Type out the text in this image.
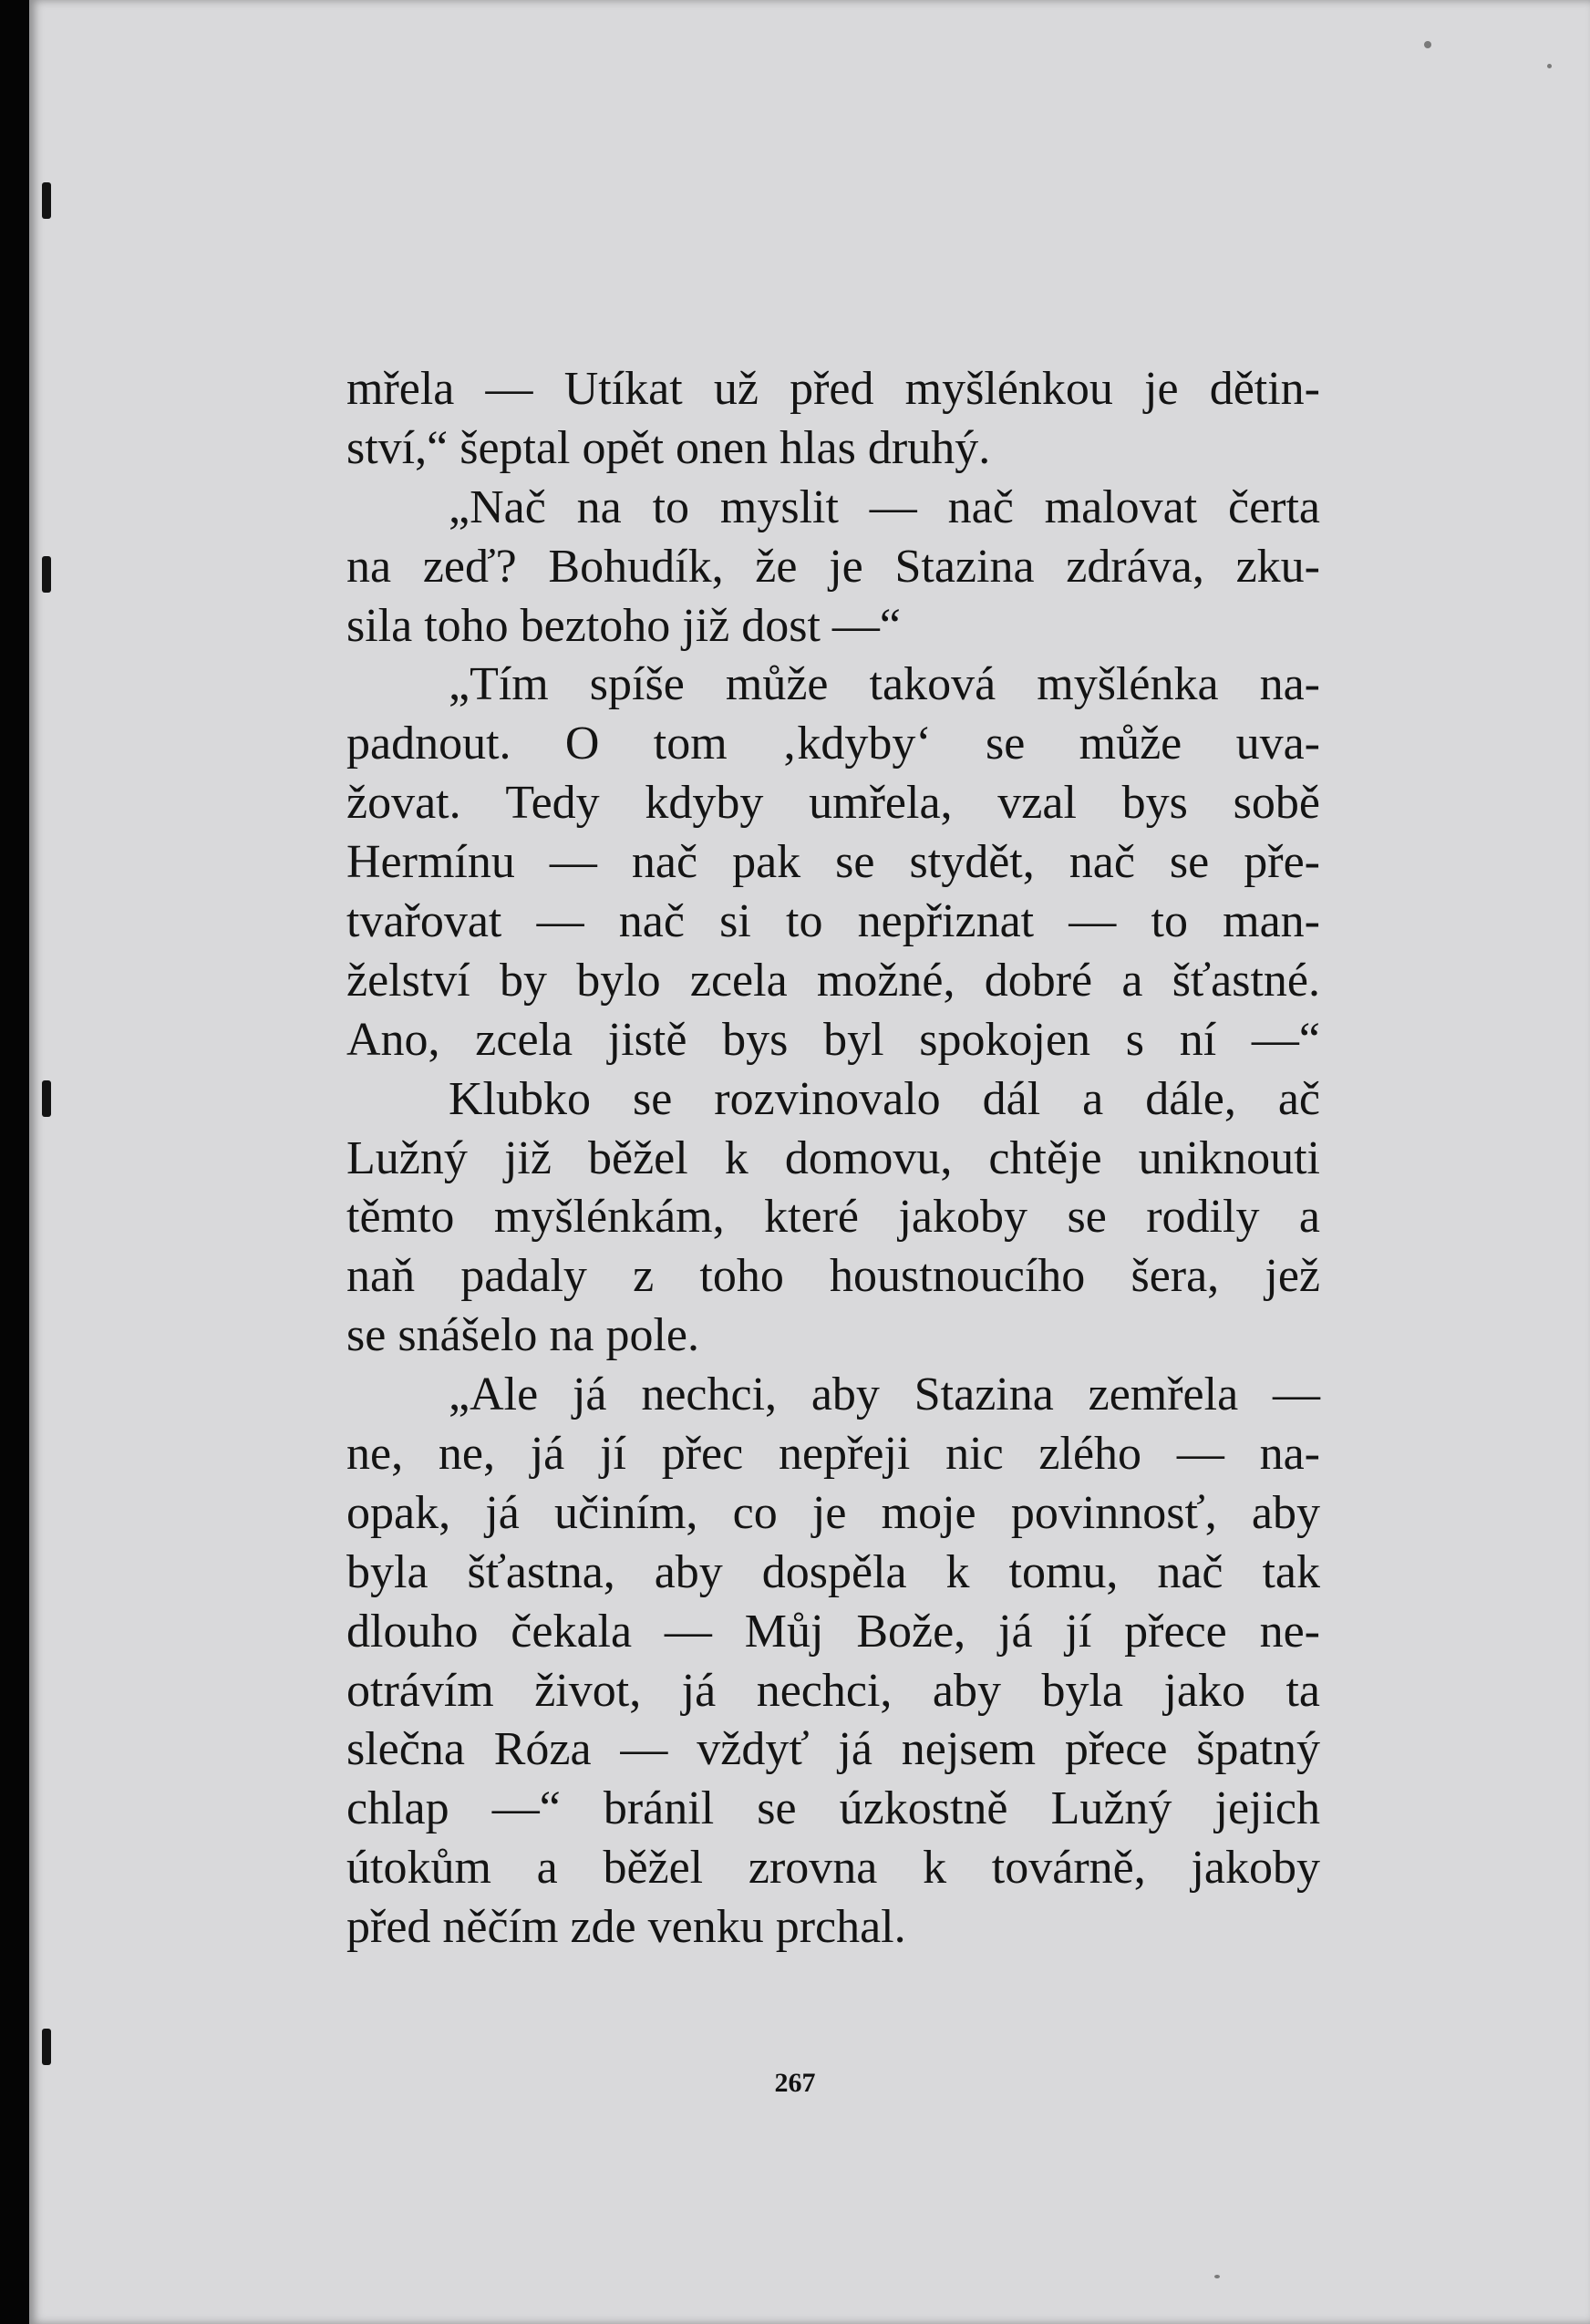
mřela — Utíkat už před myšlénkou je dětin-
ství,“ šeptal opět onen hlas druhý.
„Nač na to myslit — nač malovat čerta
na zeď? Bohudík, že je Stazina zdráva, zku-
sila toho beztoho již dost —“
„Tím spíše může taková myšlénka na-
padnout. O tom ‚kdyby‘ se může uva-
žovat. Tedy kdyby umřela, vzal bys sobě
Hermínu — nač pak se stydět, nač se pře-
tvařovat — nač si to nepřiznat — to man-
želství by bylo zcela možné, dobré a šťastné.
Ano, zcela jistě bys byl spokojen s ní —“
Klubko se rozvinovalo dál a dále, ač
Lužný již běžel k domovu, chtěje uniknouti
těmto myšlénkám, které jakoby se rodily a
naň padaly z toho houstnoucího šera, jež
se snášelo na pole.
„Ale já nechci, aby Stazina zemřela —
ne, ne, já jí přec nepřeji nic zlého — na-
opak, já učiním, co je moje povinnosť, aby
byla šťastna, aby dospěla k tomu, nač tak
dlouho čekala — Můj Bože, já jí přece ne-
otrávím život, já nechci, aby byla jako ta
slečna Róza — vždyť já nejsem přece špatný
chlap —“ bránil se úzkostně Lužný jejich
útokům a běžel zrovna k továrně, jakoby
před něčím zde venku prchal.
267
